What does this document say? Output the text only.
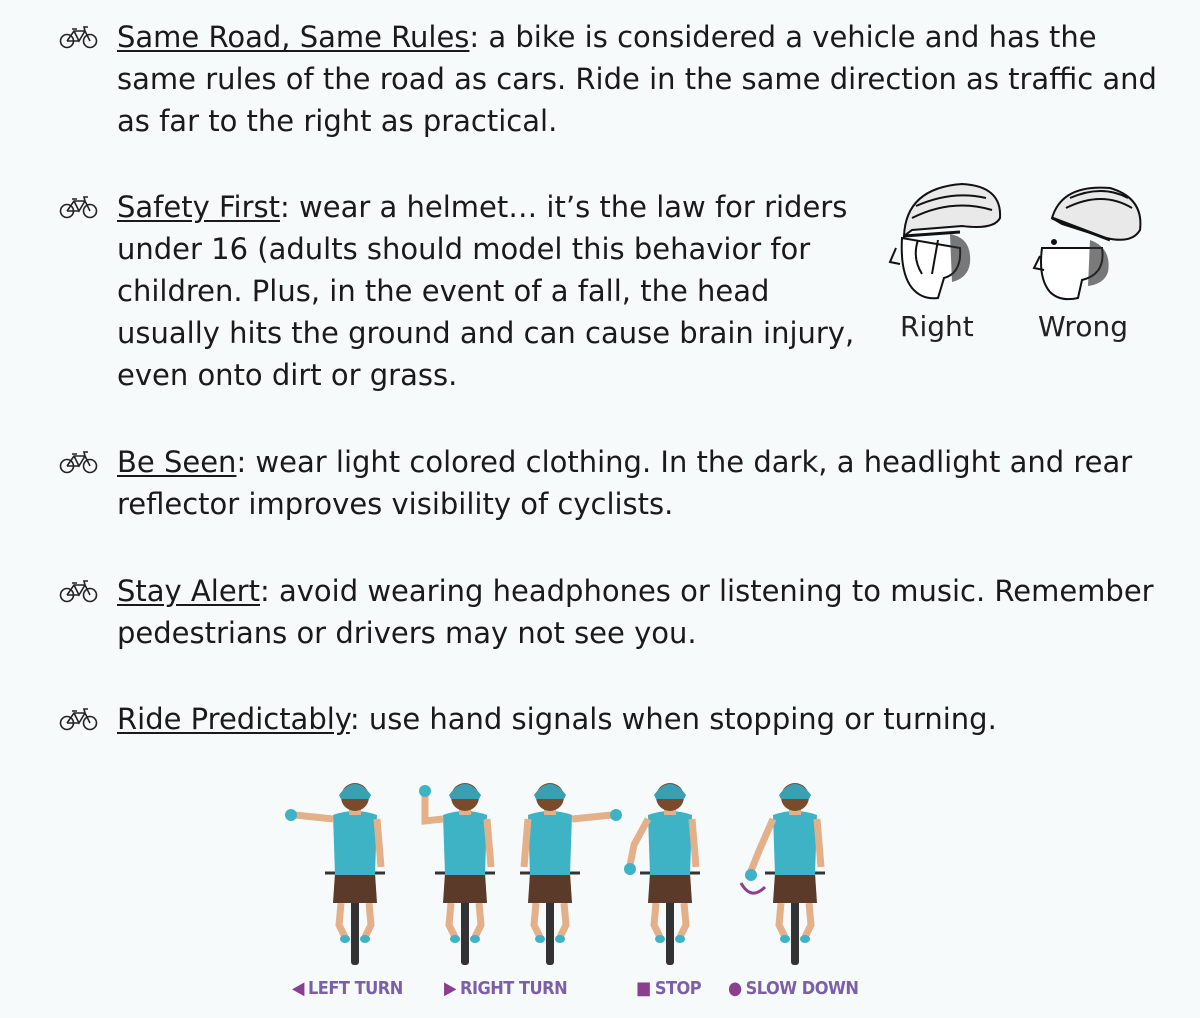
Same Road, Same Rules: a bike is considered a vehicle and has the same rules of the road as cars. Ride in the same direction as traffic and as far to the right as practical.
Safety First: wear a helmet… it’s the law for riders under 16 (adults should model this behavior for children. Plus, in the event of a fall, the head usually hits the ground and can cause brain injury, even onto dirt or grass.
Right Wrong
Be Seen: wear light colored clothing. In the dark, a headlight and rear reflector improves visibility of cyclists.
Stay Alert: avoid wearing headphones or listening to music. Remember pedestrians or drivers may not see you.
Ride Predictably: use hand signals when stopping or turning.
◀ LEFT TURN ▶ RIGHT TURN	■ STOP ● SLOW DOWN
